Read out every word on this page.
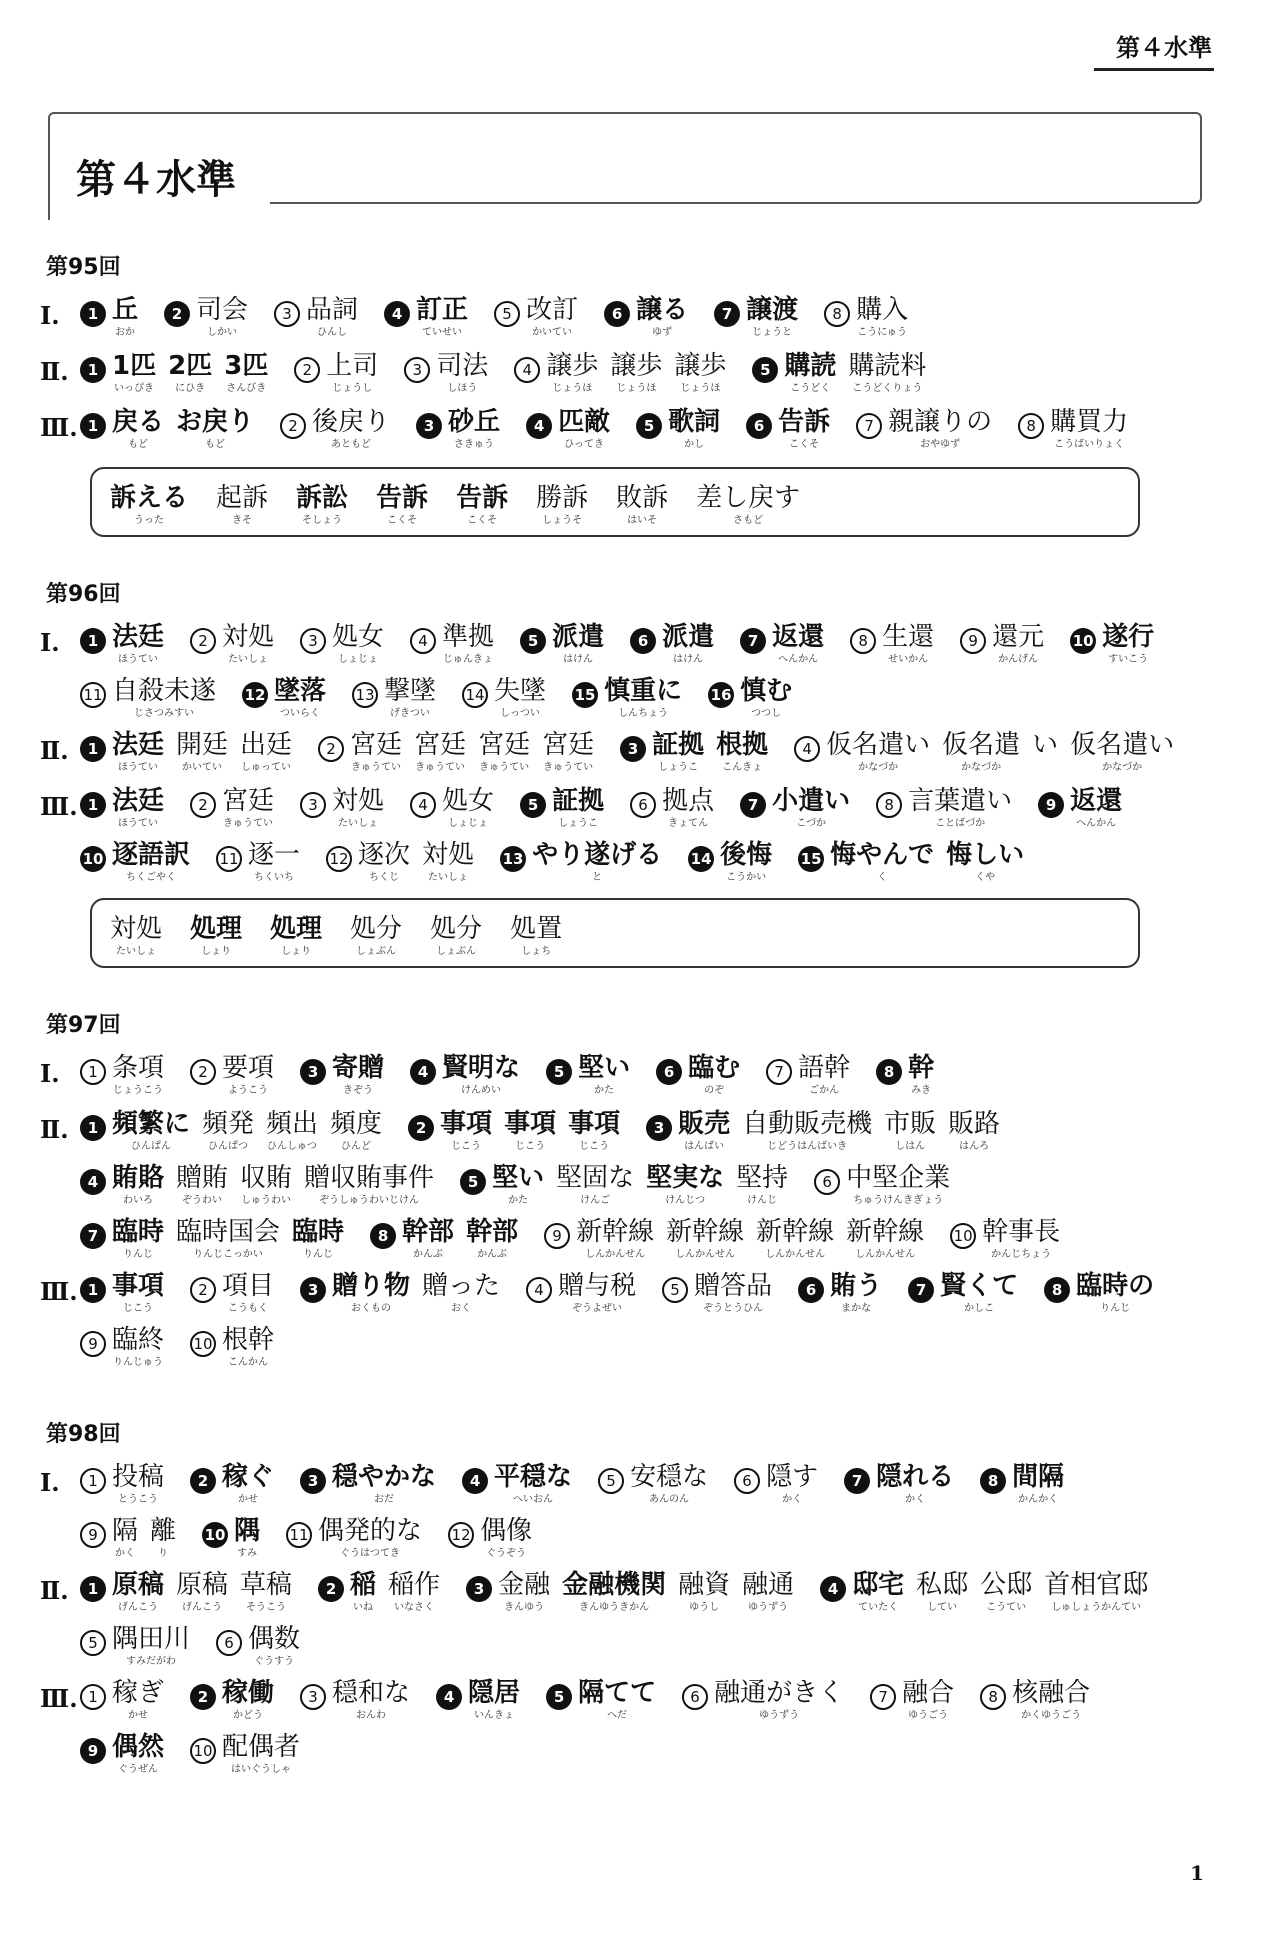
第４水準
第４水準
第95回
Ⅰ.	1 丘
おか
2 司会
しかい
3 品詞
ひんし
4 訂正
ていせい
5 改訂
かいてい
6 譲る
ゆず
7 譲渡
じょうと
8 購入
こうにゅう
Ⅱ.	1 1匹
いっぴき
2匹
にひき
3匹
さんびき
2 上司
じょうし
3 司法
しほう
4 譲歩
じょうほ
譲歩
じょうほ
譲歩
じょうほ
5 購読
こうどく
購読料
こうどくりょう
Ⅲ. 1 戻る
もど
お戻り
もど
2 後戻り
あともど
3 砂丘
さきゅう
4 匹敵
ひってき
5 歌詞
かし
6 告訴
こくそ
7 親譲りの
おやゆず
8 購買力
こうばいりょく
訴える
うった
起訴
きそ
訴訟
そしょう
告訴
こくそ
告訴
こくそ
勝訴
しょうそ
敗訴
はいそ
差し戻す
さもど
第96回
Ⅰ.	1 法廷
ほうてい
2 対処
たいしょ
3 処女
しょじょ
4 準拠
じゅんきょ
5 派遣
はけん
6 派遣
はけん
7 返還
へんかん
8 生還
せいかん
9 還元
かんげん
10 遂行
すいこう
11 自殺未遂
じさつみすい
12 墜落
ついらく
13 撃墜
げきつい
14 失墜
しっつい
15 慎重に
しんちょう
16 慎む
つつし
Ⅱ.	1 法廷
ほうてい
開廷
かいてい
出廷
しゅってい
2 宮廷
きゅうてい
宮廷
きゅうてい
宮廷
きゅうてい
宮廷
きゅうてい
3 証拠
しょうこ
根拠
こんきょ
4 仮名遣い
かなづか
仮名遣
かなづか
い
仮名遣い
かなづか
Ⅲ. 1 法廷
ほうてい
2 宮廷
きゅうてい
3 対処
たいしょ
4 処女
しょじょ
5 証拠
しょうこ
6 拠点
きょてん
7 小遣い
こづか
8 言葉遣い
ことばづか
9 返還
へんかん
10 逐語訳
ちくごやく
11 逐一
ちくいち
12 逐次
ちくじ
対処
たいしょ
13 やり遂げる
と
14 後悔
こうかい
15 悔やんで
く
悔しい
くや
対処
たいしょ
処理
しょり
処理
しょり
処分
しょぶん
処分
しょぶん
処置
しょち
第97回
Ⅰ.	1 条項
じょうこう
2 要項
ようこう
3 寄贈
きぞう
4 賢明な
けんめい
5 堅い
かた
6 臨む
のぞ
7 語幹
ごかん
8 幹
みき
Ⅱ.	1 頻繁に
ひんぱん
頻発
ひんぱつ
頻出
ひんしゅつ
頻度
ひんど
2 事項
じこう
事項
じこう
事項
じこう
3 販売
はんばい
自動販売機
じどうはんばいき
市販
しはん
販路
はんろ
4 賄賂
わいろ
贈賄
ぞうわい
収賄
しゅうわい
贈収賄事件
ぞうしゅうわいじけん
5 堅い
かた
堅固な
けんご
堅実な
けんじつ
堅持
けんじ
6 中堅企業
ちゅうけんきぎょう
7 臨時
りんじ
臨時国会
りんじこっかい
臨時
りんじ
8 幹部
かんぶ
幹部
かんぶ
9 新幹線
しんかんせん
新幹線
しんかんせん
新幹線
しんかんせん
新幹線
しんかんせん
10 幹事長
かんじちょう
Ⅲ. 1 事項
じこう
2 項目
こうもく
3 贈り物
おくもの
贈った
おく
4 贈与税
ぞうよぜい
5 贈答品
ぞうとうひん
6 賄う
まかな
7 賢くて
かしこ
8 臨時の
りんじ
9 臨終
りんじゅう
10 根幹
こんかん
第98回
Ⅰ.	1 投稿
とうこう
2 稼ぐ
かせ
3 穏やかな
おだ
4 平穏な
へいおん
5 安穏な
あんのん
6 隠す
かく
7 隠れる
かく
8 間隔
かんかく
9 隔
かく
離
り
10 隅
すみ
11 偶発的な
ぐうはつてき
12 偶像
ぐうぞう
Ⅱ.	1 原稿
げんこう
原稿
げんこう
草稿
そうこう
2 稲
いね
稲作
いなさく
3 金融
きんゆう
金融機関
きんゆうきかん
融資
ゆうし
融通
ゆうずう
4 邸宅
ていたく
私邸
してい
公邸
こうてい
首相官邸
しゅしょうかんてい
5 隅田川
すみだがわ
6 偶数
ぐうすう
Ⅲ. 1 稼ぎ
かせ
2 稼働
かどう
3 穏和な
おんわ
4 隠居
いんきょ
5 隔てて
へだ
6 融通がきく
ゆうずう
7 融合
ゆうごう
8 核融合
かくゆうごう
9 偶然
ぐうぜん
10 配偶者
はいぐうしゃ
1
